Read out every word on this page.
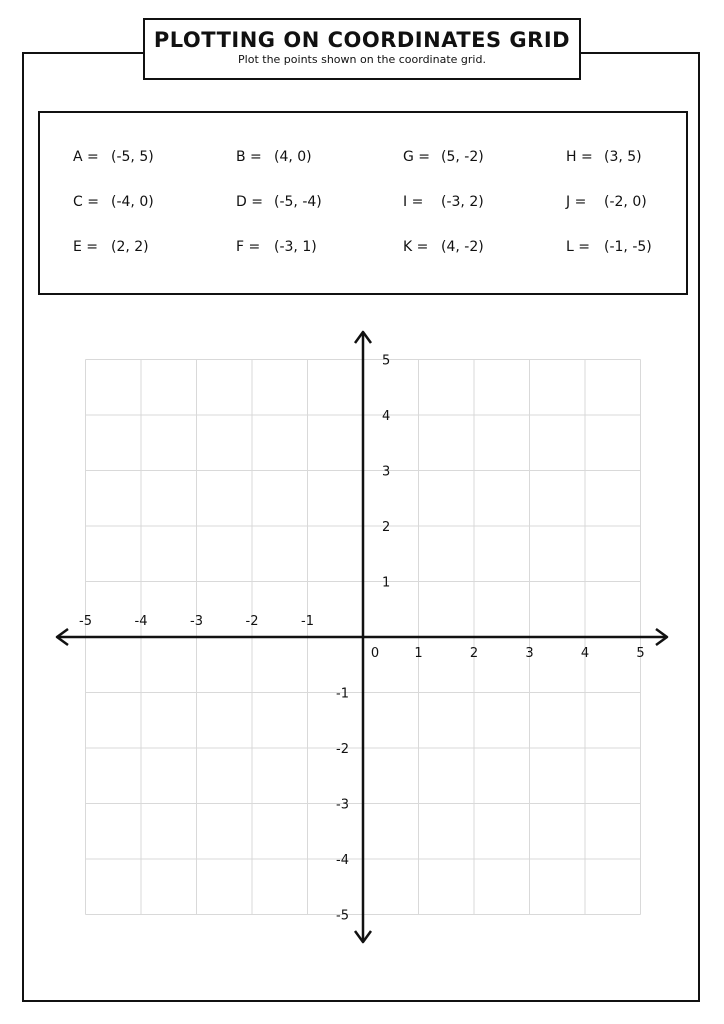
PLOTTING ON COORDINATES GRID
Plot the points shown on the coordinate grid.
A = (-5, 5)	B = (4, 0)	G = (5, -2)	H = (3, 5)
C = (-4, 0)	D = (-5, -4)	I = (-3, 2)	J = (-2, 0)
E = (2, 2)	F = (-3, 1)	K = (4, -2)	L = (-1, -5)
-5	-4	-3	-2	-1
0	1	2	3	4	5
5
4
3
2
1
-1
-2
-3
-4
-5
